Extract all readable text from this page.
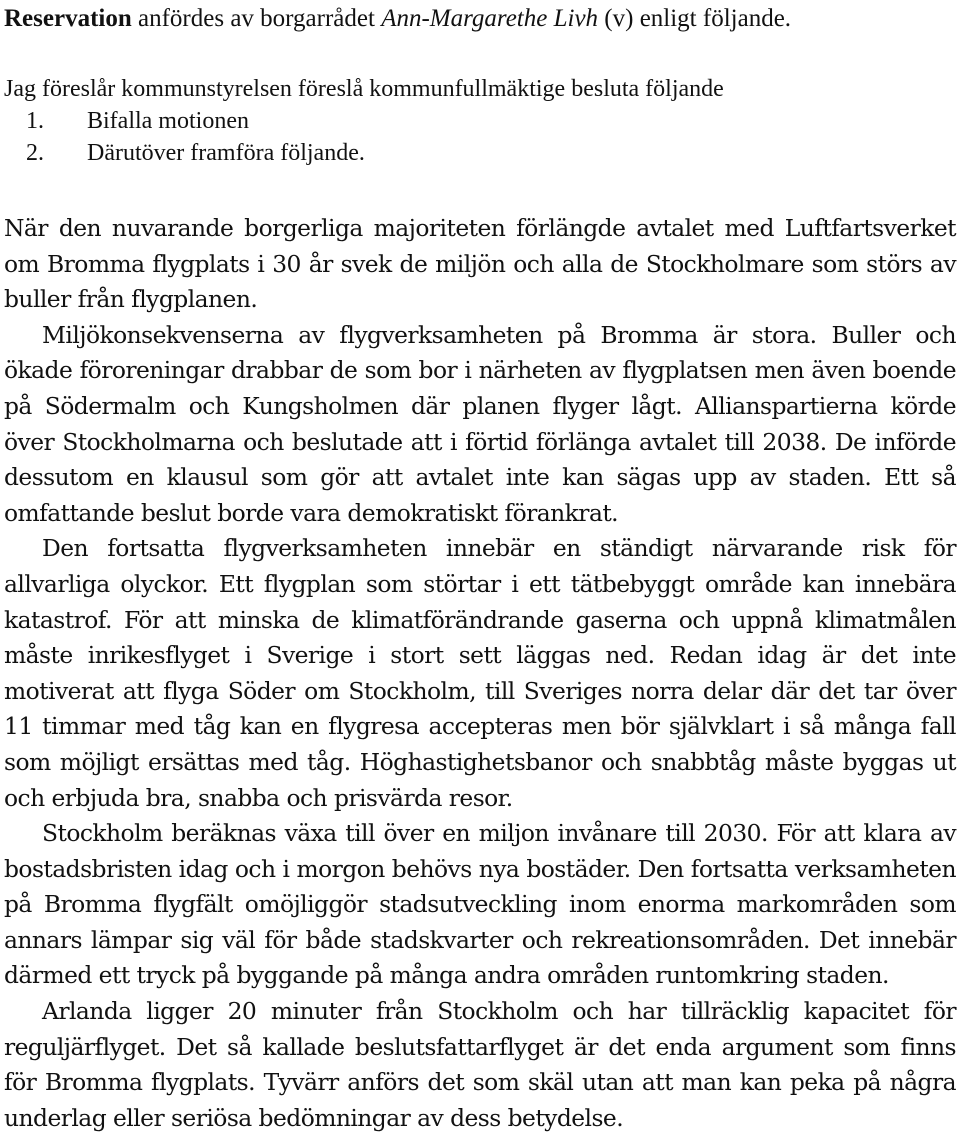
Reservation anfördes av borgarrådet Ann-Margarethe Livh (v) enligt följande.
Jag föreslår kommunstyrelsen föreslå kommunfullmäktige besluta följande
1. Bifalla motionen
2. Därutöver framföra följande.

När den nuvarande borgerliga majoriteten förlängde avtalet med Luftfartsverket om Bromma flygplats i 30 år svek de miljön och alla de Stockholmare som störs av buller från flygplanen.

Miljökonsekvenserna av flygverksamheten på Bromma är stora. Buller och ökade föroreningar drabbar de som bor i närheten av flygplatsen men även boende på Södermalm och Kungsholmen där planen flyger lågt. Allianspartierna körde över Stockholmarna och beslutade att i förtid förlänga avtalet till 2038. De införde dessutom en klausul som gör att avtalet inte kan sägas upp av staden. Ett så omfattande beslut borde vara demokratiskt förankrat.

Den fortsatta flygverksamheten innebär en ständigt närvarande risk för allvarliga olyckor. Ett flygplan som störtar i ett tätbebyggt område kan innebära katastrof. För att minska de klimatförändrande gaserna och uppnå klimatmålen måste inrikesflyget i Sverige i stort sett läggas ned. Redan idag är det inte motiverat att flyga Söder om Stockholm, till Sveriges norra delar där det tar över 11 timmar med tåg kan en flygresa accepteras men bör självklart i så många fall som möjligt ersättas med tåg. Höghastighetsbanor och snabbtåg måste byggas ut och erbjuda bra, snabba och prisvärda resor.

Stockholm beräknas växa till över en miljon invånare till 2030. För att klara av bostadsbristen idag och i morgon behövs nya bostäder. Den fortsatta verksamheten på Bromma flygfält omöjliggör stadsutveckling inom enorma markområden som annars lämpar sig väl för både stadskvarter och rekreationsområden. Det innebär därmed ett tryck på byggande på många andra områden runtomkring staden.

Arlanda ligger 20 minuter från Stockholm och har tillräcklig kapacitet för reguljärflyget. Det så kallade beslutsfattarflyget är det enda argument som finns för Bromma flygplats. Tyvärr anförs det som skäl utan att man kan peka på några underlag eller seriösa bedömningar av dess betydelse.
